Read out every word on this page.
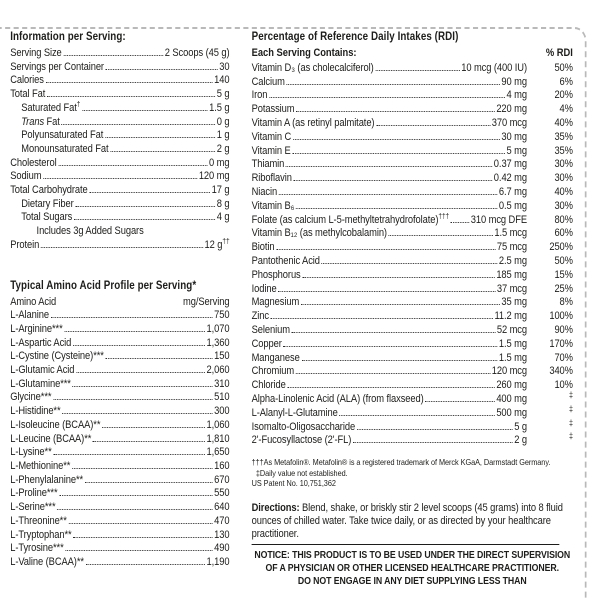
Information per Serving:
Serving Size	2 Scoops (45 g)
Servings per Container	30
Calories	140
Total Fat	5 g
Saturated Fat†	1.5 g
Trans Fat	0 g
Polyunsaturated Fat	1 g
Monounsaturated Fat	2 g
Cholesterol	0 mg
Sodium	120 mg
Total Carbohydrate	17 g
Dietary Fiber	8 g
Total Sugars	4 g
Includes 3g Added Sugars
Protein	12 g††
Typical Amino Acid Profile per Serving*
Amino Acid	mg/Serving
L-Alanine	750
L-Arginine***	1,070
L-Aspartic Acid	1,360
L-Cystine (Cysteine)***	150
L-Glutamic Acid	2,060
L-Glutamine***	310
Glycine***	510
L-Histidine**	300
L-Isoleucine (BCAA)**	1,060
L-Leucine (BCAA)**	1,810
L-Lysine**	1,650
L-Methionine**	160
L-Phenylalanine**	670
L-Proline***	550
L-Serine***	640
L-Threonine**	470
L-Tryptophan**	130
L-Tyrosine***	490
L-Valine (BCAA)**	1,190
Percentage of Reference Daily Intakes (RDI)
Each Serving Contains:	% RDI
Vitamin D₃ (as cholecalciferol)	10 mcg (400 IU)	50%
Calcium	90 mg	6%
Iron	4 mg	20%
Potassium	220 mg	4%
Vitamin A (as retinyl palmitate)	370 mcg	40%
Vitamin C	30 mg	35%
Vitamin E	5 mg	35%
Thiamin	0.37 mg	30%
Riboflavin	0.42 mg	30%
Niacin	6.7 mg	40%
Vitamin B₆	0.5 mg	30%
Folate (as calcium L-5-methyltetrahydrofolate)††† 310 mcg DFE	80%
Vitamin B₁₂ (as methylcobalamin)	1.5 mcg	60%
Biotin	75 mcg	250%
Pantothenic Acid	2.5 mg	50%
Phosphorus	185 mg	15%
Iodine	37 mcg	25%
Magnesium	35 mg	8%
Zinc	11.2 mg	100%
Selenium	52 mcg	90%
Copper	1.5 mg	170%
Manganese	1.5 mg	70%
Chromium	120 mcg	340%
Chloride	260 mg	10%
Alpha-Linolenic Acid (ALA) (from flaxseed)	400 mg	‡
L-Alanyl-L-Glutamine	500 mg	‡
Isomalto-Oligosaccharide	5 g	‡
2'-Fucosyllactose (2'-FL)	2 g	‡
†††As Metafolin®. Metafolin® is a registered trademark of Merck KGaA, Darmstadt Germany.
‡Daily value not established.
US Patent No. 10,751,362

Directions: Blend, shake, or briskly stir 2 level scoops (45 grams) into 8 fluid ounces of chilled water. Take twice daily, or as directed by your healthcare practitioner.

NOTICE: THIS PRODUCT IS TO BE USED UNDER THE DIRECT SUPERVISION
OF A PHYSICIAN OR OTHER LICENSED HEALTHCARE PRACTITIONER.
DO NOT ENGAGE IN ANY DIET SUPPLYING LESS THAN
